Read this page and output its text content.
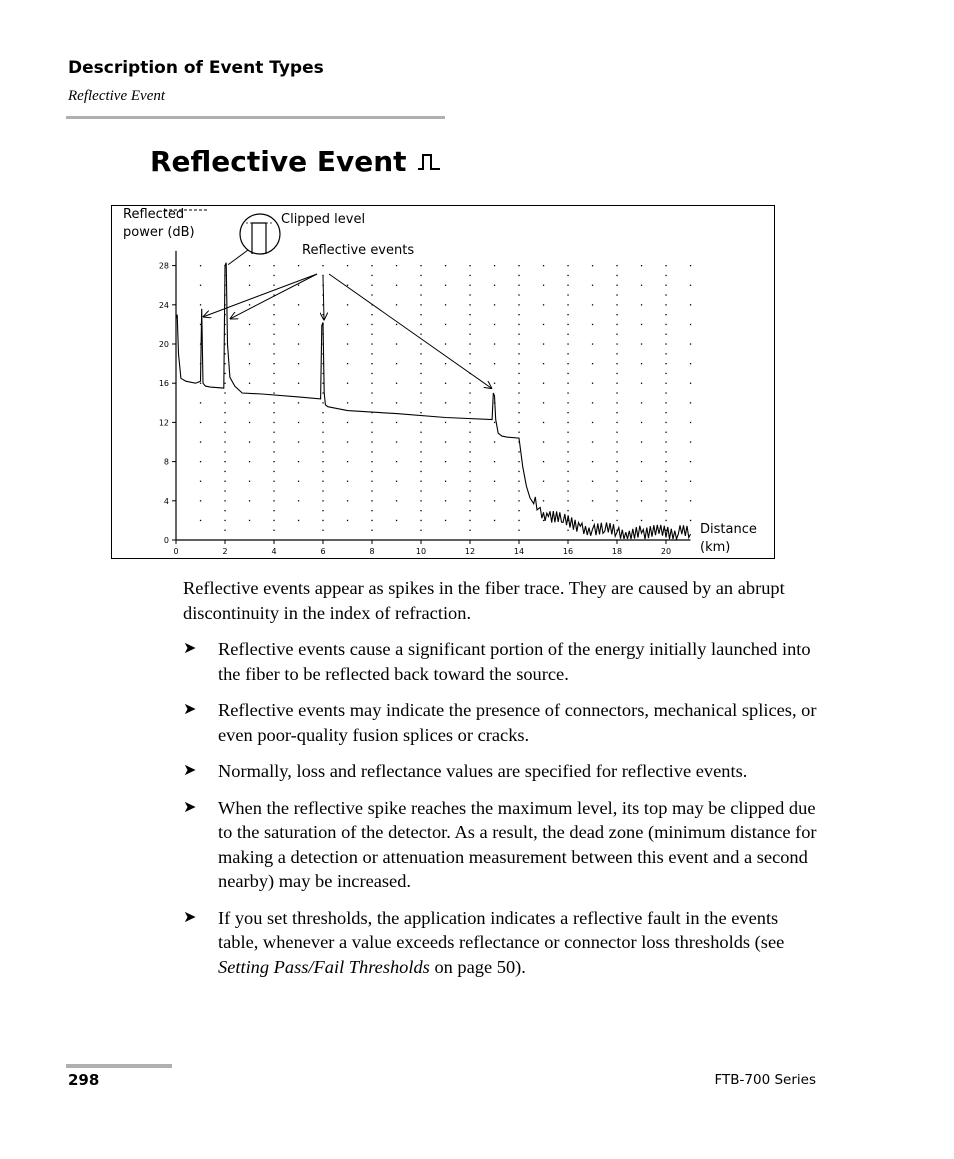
Description of Event Types
Reflective Event
Reflective Event
0	2	4	6	8	10	12	14	16	18	20
0
4
8
12
16
20
24
28
Reflected
power (dB)
Clipped level
Reflective events
Distance
(km)

Reflective events appear as spikes in the fiber trace. They are caused by an abrupt discontinuity in the index of refraction.

➤	Reflective events cause a significant portion of the energy initially launched into the fiber to be reflected back toward the source.
➤	Reflective events may indicate the presence of connectors, mechanical splices, or even poor-quality fusion splices or cracks.
➤	Normally, loss and reflectance values are specified for reflective events.
➤	When the reflective spike reaches the maximum level, its top may be clipped due to the saturation of the detector. As a result, the dead zone (minimum distance for making a detection or attenuation measurement between this event and a second nearby) may be increased.
➤	If you set thresholds, the application indicates a reflective fault in the events table, whenever a value exceeds reflectance or connector loss thresholds (see Setting Pass/Fail Thresholds on page 50).
298	FTB-700 Series
